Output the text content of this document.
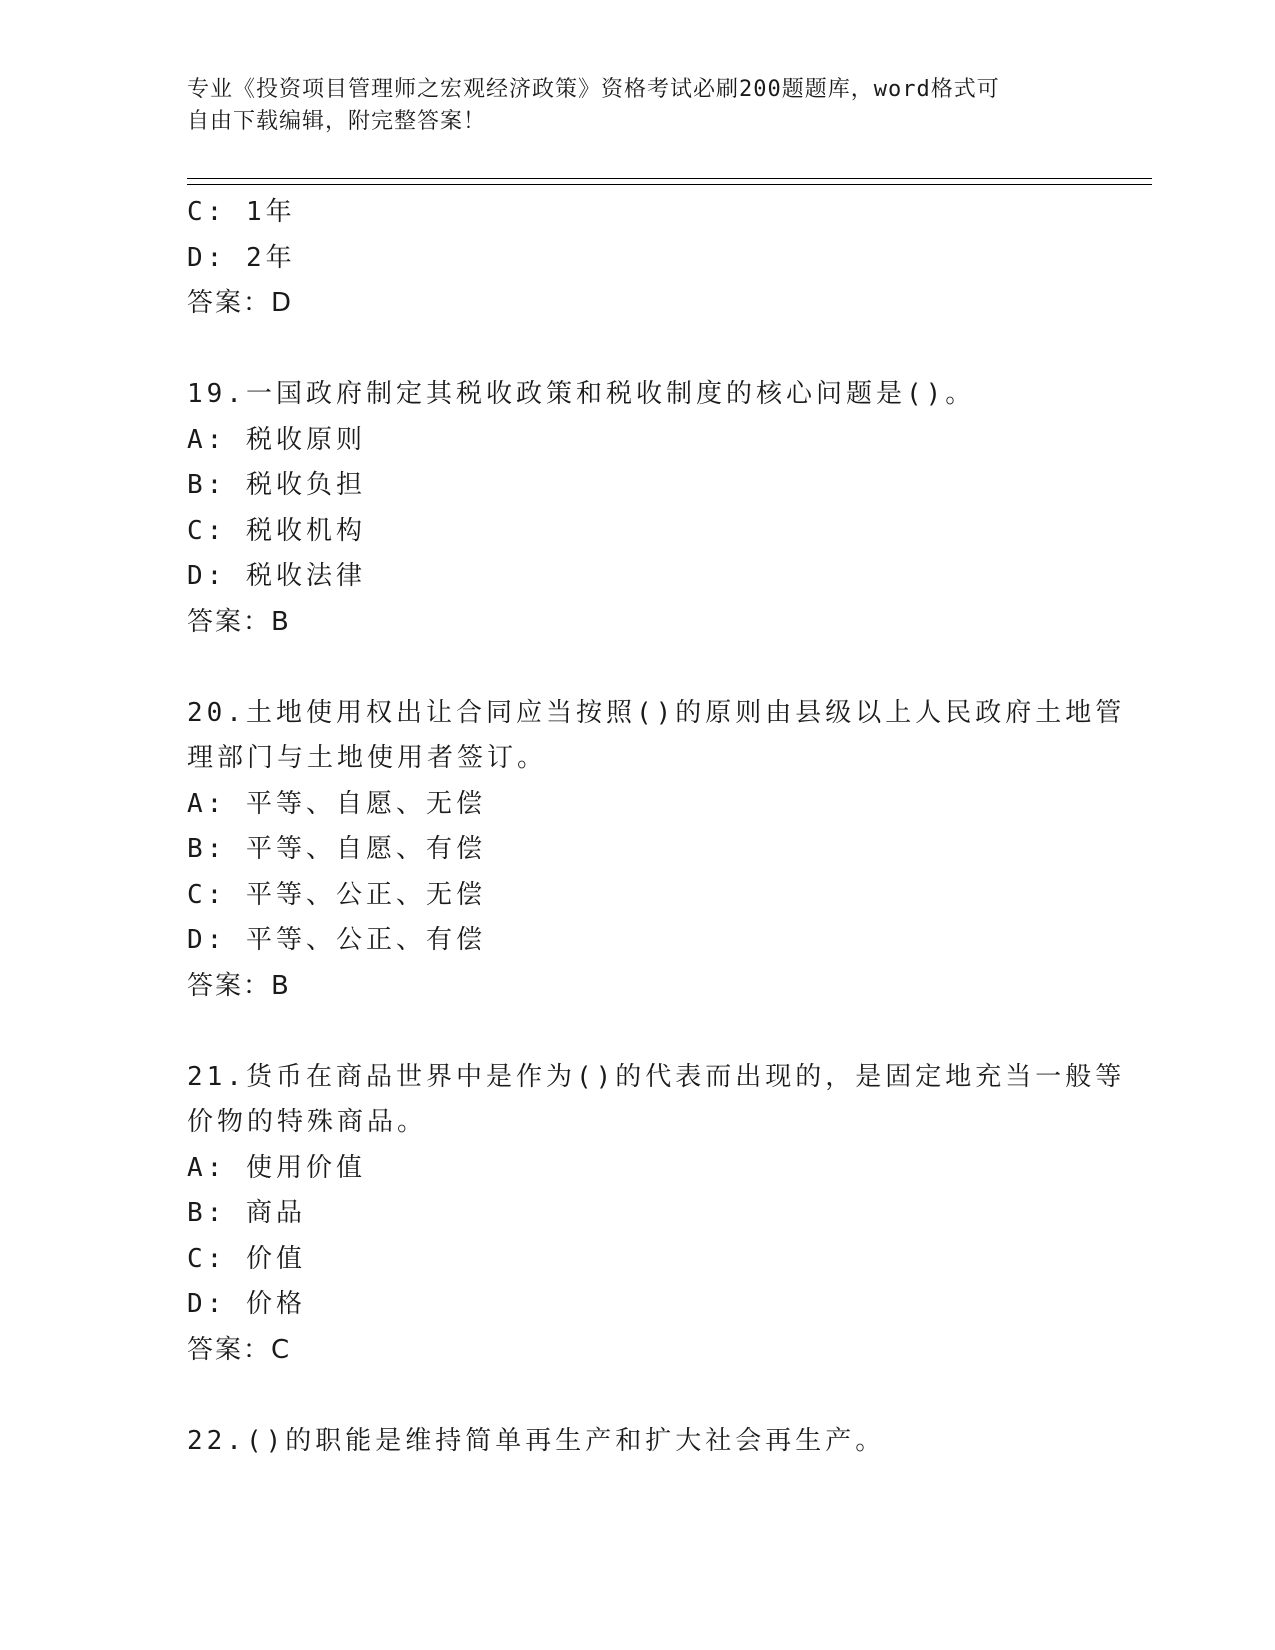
专业《投资项目管理师之宏观经济政策》资格考试必刷200题题库，word格式可
自由下载编辑，附完整答案！
C: 1年
D: 2年
答案：D
19.一国政府制定其税收政策和税收制度的核心问题是()。
A: 税收原则
B: 税收负担
C: 税收机构
D: 税收法律
答案：B
20.土地使用权出让合同应当按照()的原则由县级以上人民政府土地管
理部门与土地使用者签订。
A: 平等、自愿、无偿
B: 平等、自愿、有偿
C: 平等、公正、无偿
D: 平等、公正、有偿
答案：B
21.货币在商品世界中是作为()的代表而出现的，是固定地充当一般等
价物的特殊商品。
A: 使用价值
B: 商品
C: 价值
D: 价格
答案：C
22.()的职能是维持简单再生产和扩大社会再生产。
